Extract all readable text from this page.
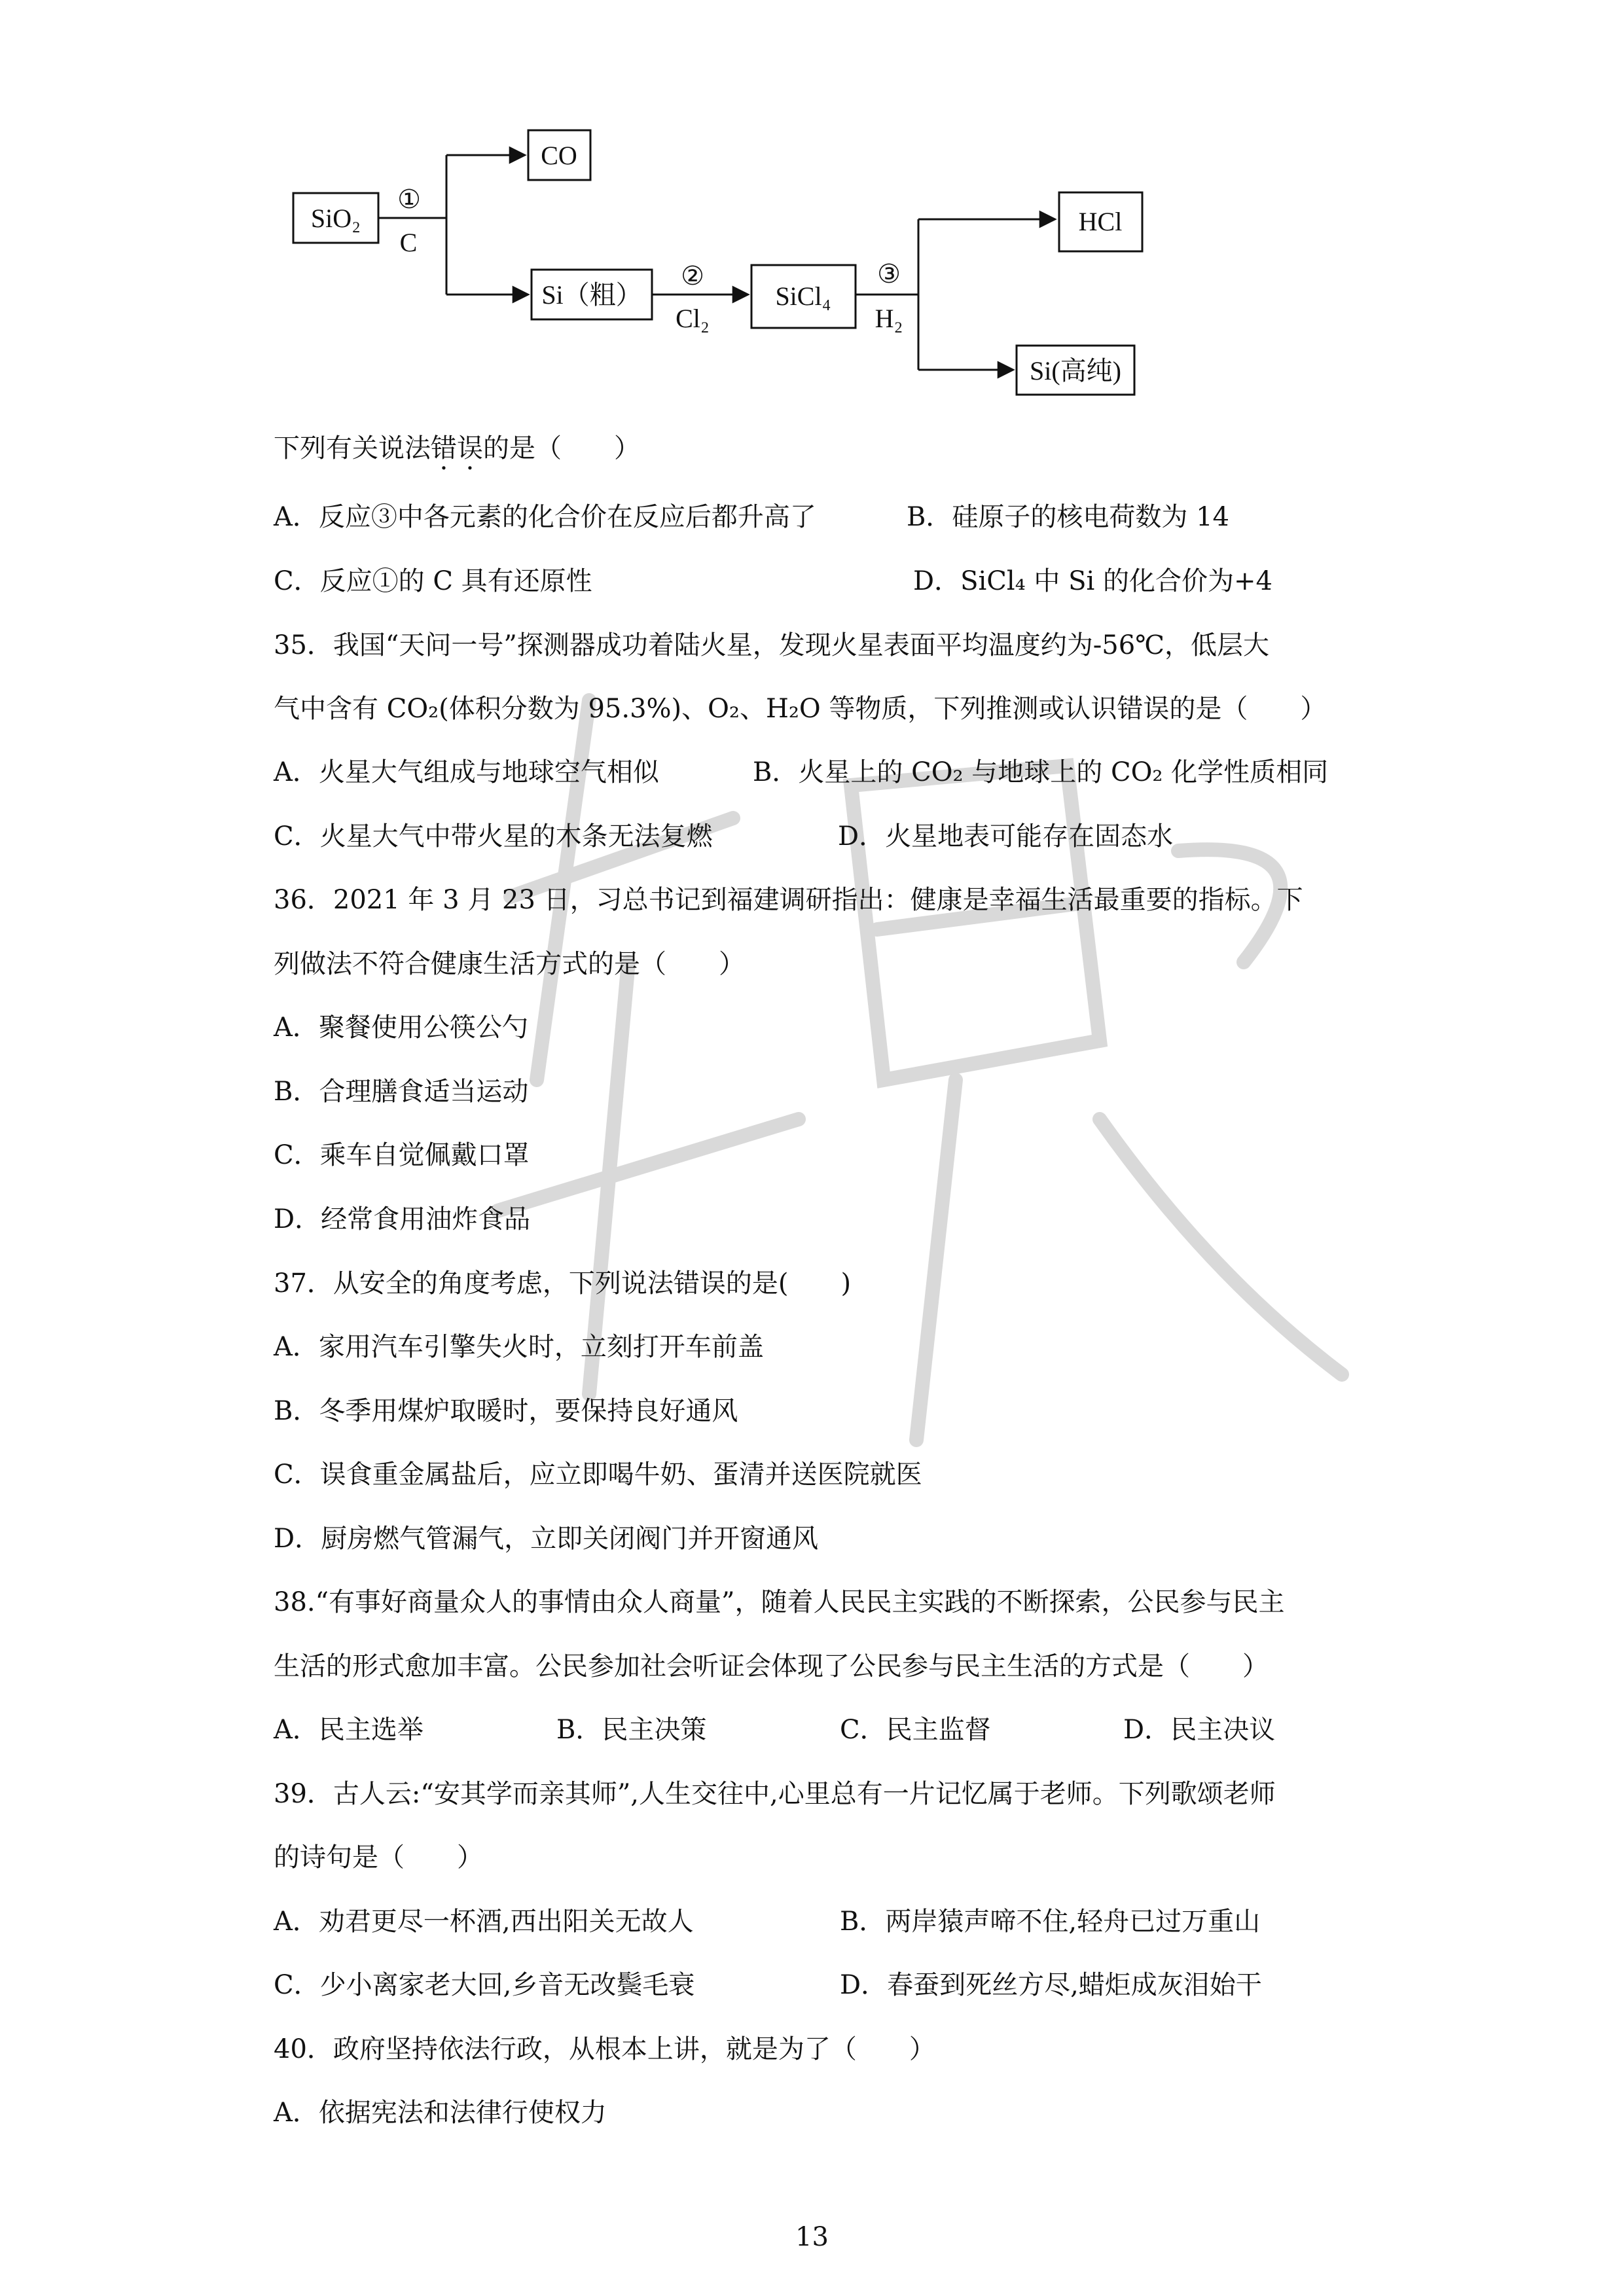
SiO₂
CO
Si（粗）	SiCl₄
HCl
Si(高纯)
①
C
②
Cl₂
③
H₂
下列有关说法错误的是（　　）
A．反应③中各元素的化合价在反应后都升高了	B．硅原子的核电荷数为 14
C．反应①的 C 具有还原性	D．SiCl₄ 中 Si 的化合价为+4
35．我国“天问一号”探测器成功着陆火星，发现火星表面平均温度约为-56℃，低层大
气中含有 CO₂(体积分数为 95.3%)、O₂、H₂O 等物质，下列推测或认识错误的是（　　）
A．火星大气组成与地球空气相似	B．火星上的 CO₂ 与地球上的 CO₂ 化学性质相同
C．火星大气中带火星的木条无法复燃	D．火星地表可能存在固态水
36．2021 年 3 月 23 日，习总书记到福建调研指出：健康是幸福生活最重要的指标。下
列做法不符合健康生活方式的是（　　）
A．聚餐使用公筷公勺
B．合理膳食适当运动
C．乘车自觉佩戴口罩
D．经常食用油炸食品
37．从安全的角度考虑，下列说法错误的是(　　)
A．家用汽车引擎失火时，立刻打开车前盖
B．冬季用煤炉取暖时，要保持良好通风
C．误食重金属盐后，应立即喝牛奶、蛋清并送医院就医
D．厨房燃气管漏气，立即关闭阀门并开窗通风
38.“有事好商量众人的事情由众人商量”，随着人民民主实践的不断探索，公民参与民主
生活的形式愈加丰富。公民参加社会听证会体现了公民参与民主生活的方式是（　　）
A．民主选举	B．民主决策	C．民主监督	D．民主决议
39．古人云:“安其学而亲其师”,人生交往中,心里总有一片记忆属于老师。下列歌颂老师
的诗句是（　　）
A．劝君更尽一杯酒,西出阳关无故人	B．两岸猿声啼不住,轻舟已过万重山
C．少小离家老大回,乡音无改鬓毛衰	D．春蚕到死丝方尽,蜡炬成灰泪始干
40．政府坚持依法行政，从根本上讲，就是为了（　　）
A．依据宪法和法律行使权力
13
